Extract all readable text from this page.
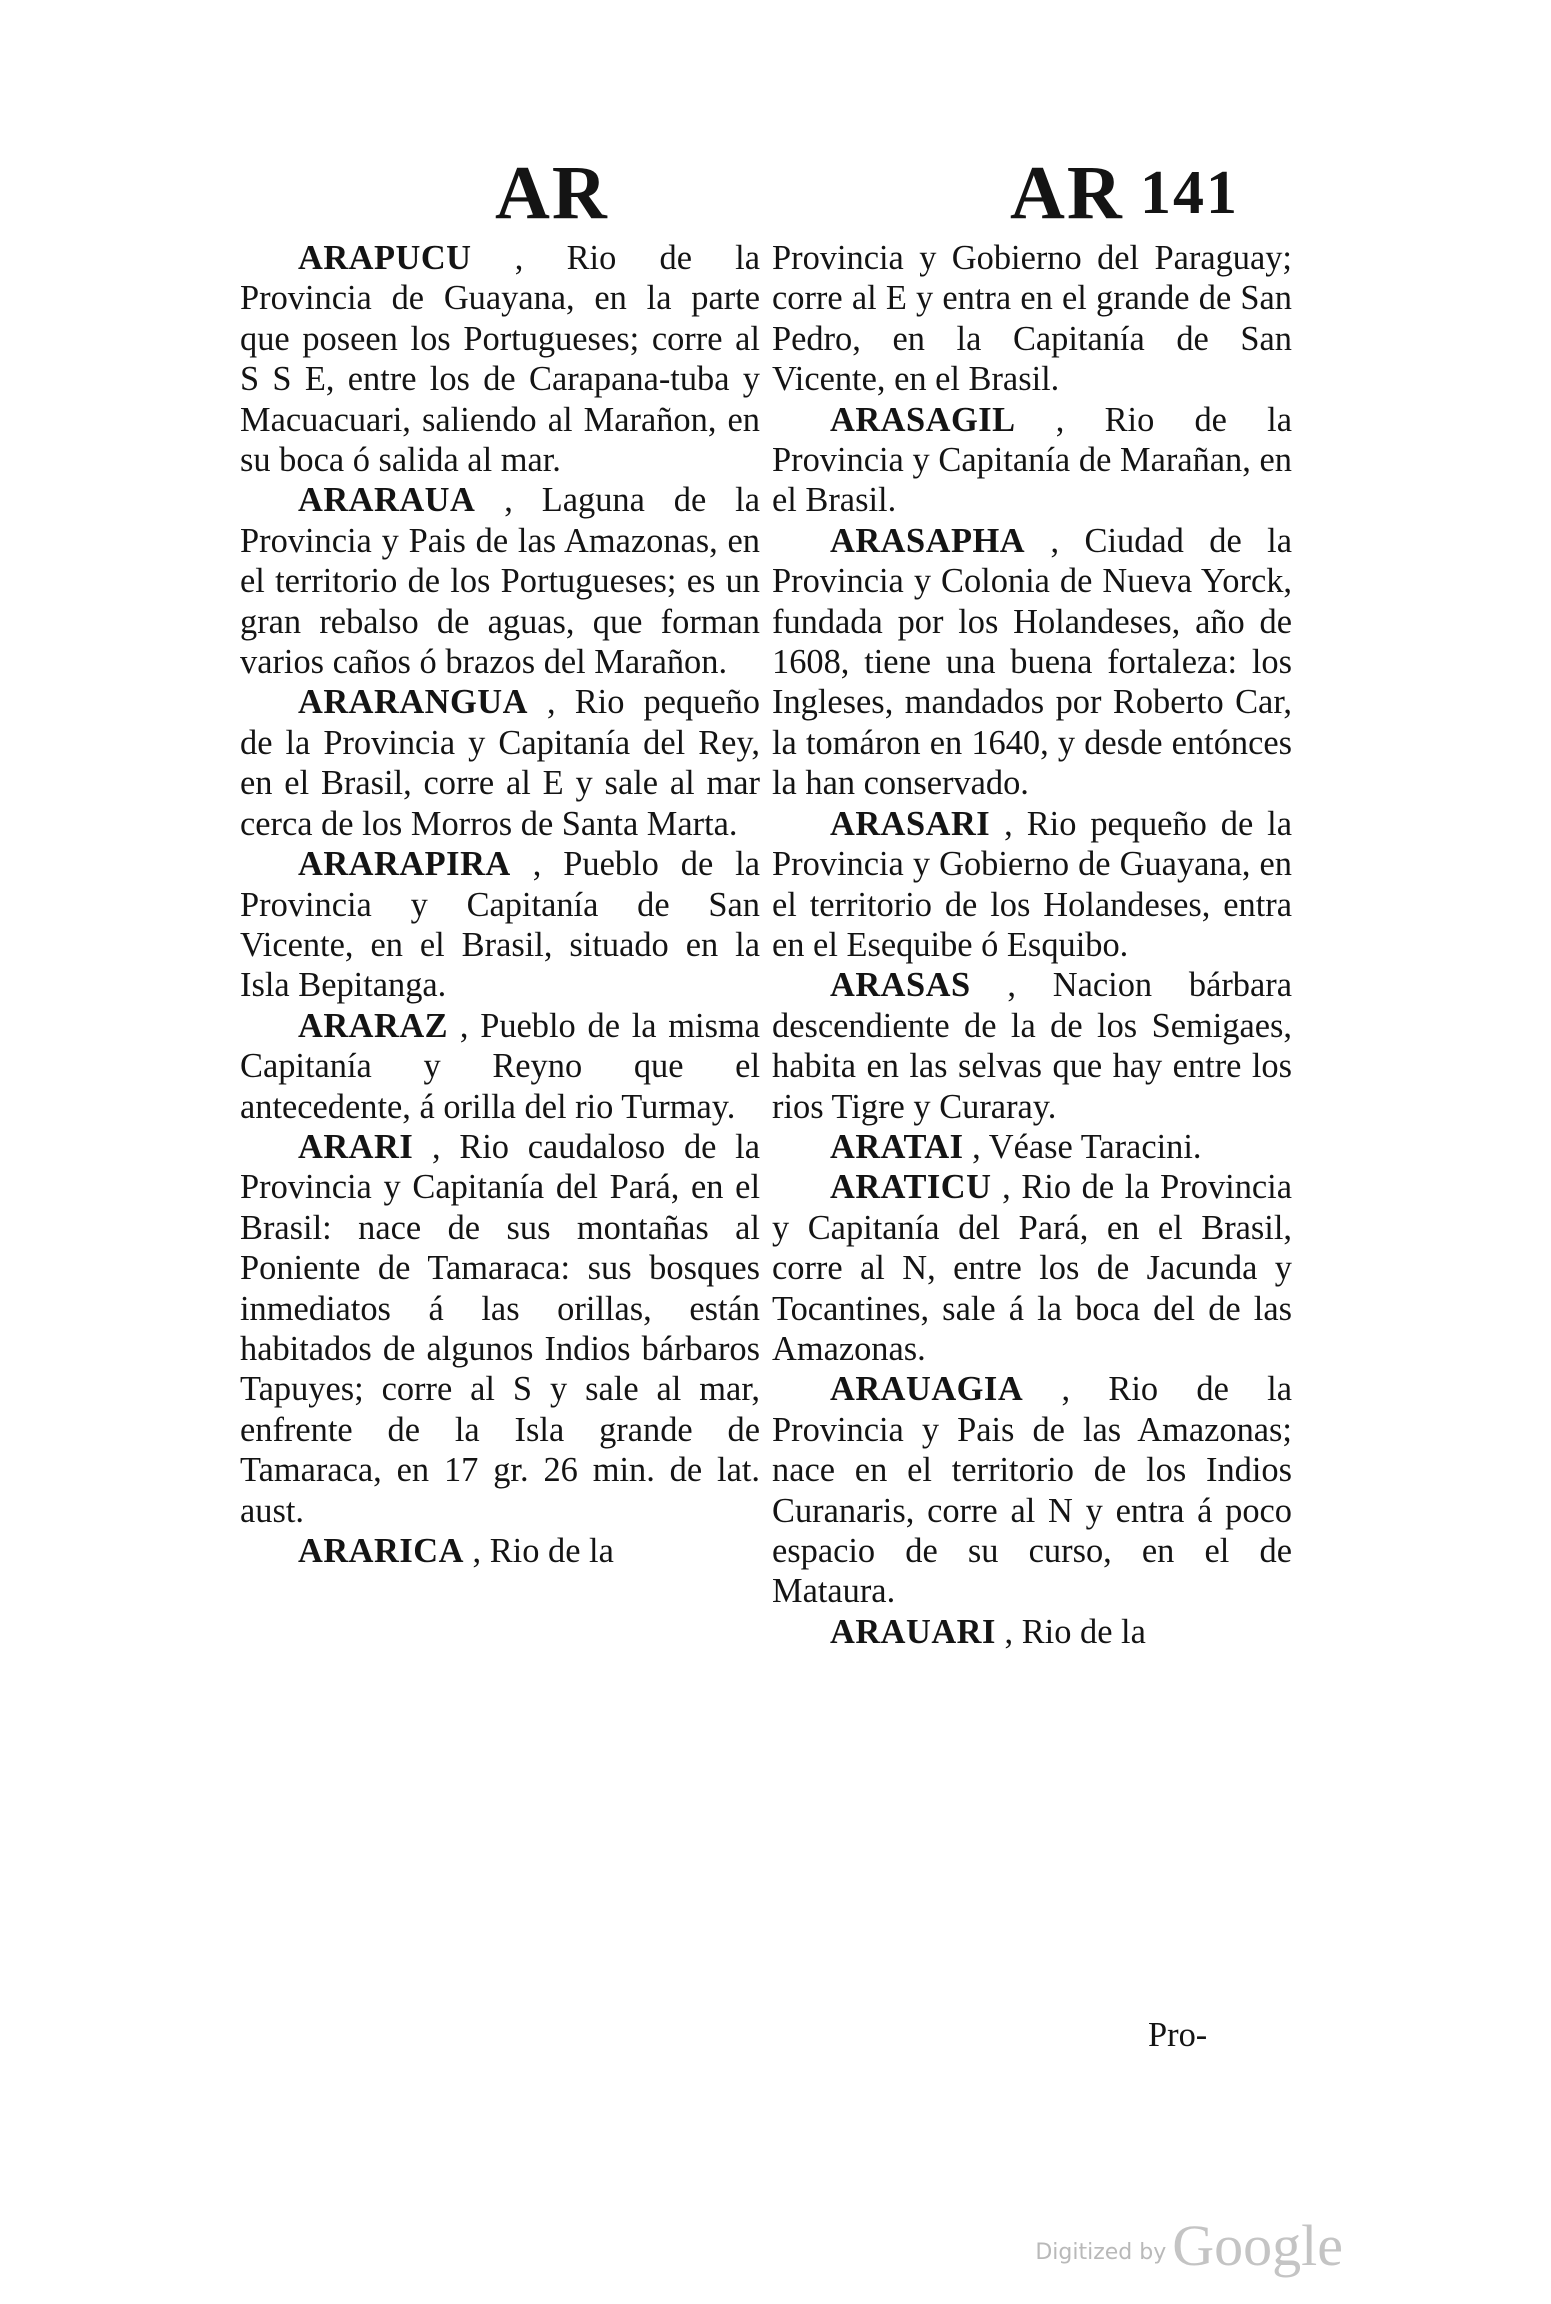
AR	AR 141

ARAPUCU , Rio de la Provincia de Guayana, en la parte que poseen los Portugueses; corre al S S E, entre los de Carapana-tuba y Macuacuari, saliendo al Marañon, en su boca ó salida al mar.

ARARAUA , Laguna de la Provincia y Pais de las Amazonas, en el territorio de los Portugueses; es un gran rebalso de aguas, que forman varios caños ó brazos del Marañon.

ARARANGUA , Rio pequeño de la Provincia y Capitanía del Rey, en el Brasil, corre al E y sale al mar cerca de los Morros de Santa Marta.

ARARAPIRA , Pueblo de la Provincia y Capitanía de San Vicente, en el Brasil, situado en la Isla Bepitanga.

ARARAZ , Pueblo de la misma Capitanía y Reyno que el antecedente, á orilla del rio Turmay.

ARARI , Rio caudaloso de la Provincia y Capitanía del Pará, en el Brasil: nace de sus montañas al Poniente de Tamaraca: sus bosques inmediatos á las orillas, están habitados de algunos Indios bárbaros Tapuyes; corre al S y sale al mar, enfrente de la Isla grande de Tamaraca, en 17 gr. 26 min. de lat. aust.

ARARICA , Rio de la

Provincia y Gobierno del Paraguay; corre al E y entra en el grande de San Pedro, en la Capitanía de San Vicente, en el Brasil.

ARASAGIL , Rio de la Provincia y Capitanía de Marañan, en el Brasil.

ARASAPHA , Ciudad de la Provincia y Colonia de Nueva Yorck, fundada por los Holandeses, año de 1608, tiene una buena fortaleza: los Ingleses, mandados por Roberto Car, la tomáron en 1640, y desde entónces la han conservado.

ARASARI , Rio pequeño de la Provincia y Gobierno de Guayana, en el territorio de los Holandeses, entra en el Esequibe ó Esquibo.

ARASAS , Nacion bárbara descendiente de la de los Semigaes, habita en las selvas que hay entre los rios Tigre y Curaray.

ARATAI , Véase Taracini.

ARATICU , Rio de la Provincia y Capitanía del Pará, en el Brasil, corre al N, entre los de Jacunda y Tocantines, sale á la boca del de las Amazonas.

ARAUAGIA , Rio de la Provincia y Pais de las Amazonas; nace en el territorio de los Indios Curanaris, corre al N y entra á poco espacio de su curso, en el de Mataura.

ARAUARI , Rio de la

Pro-
Digitized by Google
